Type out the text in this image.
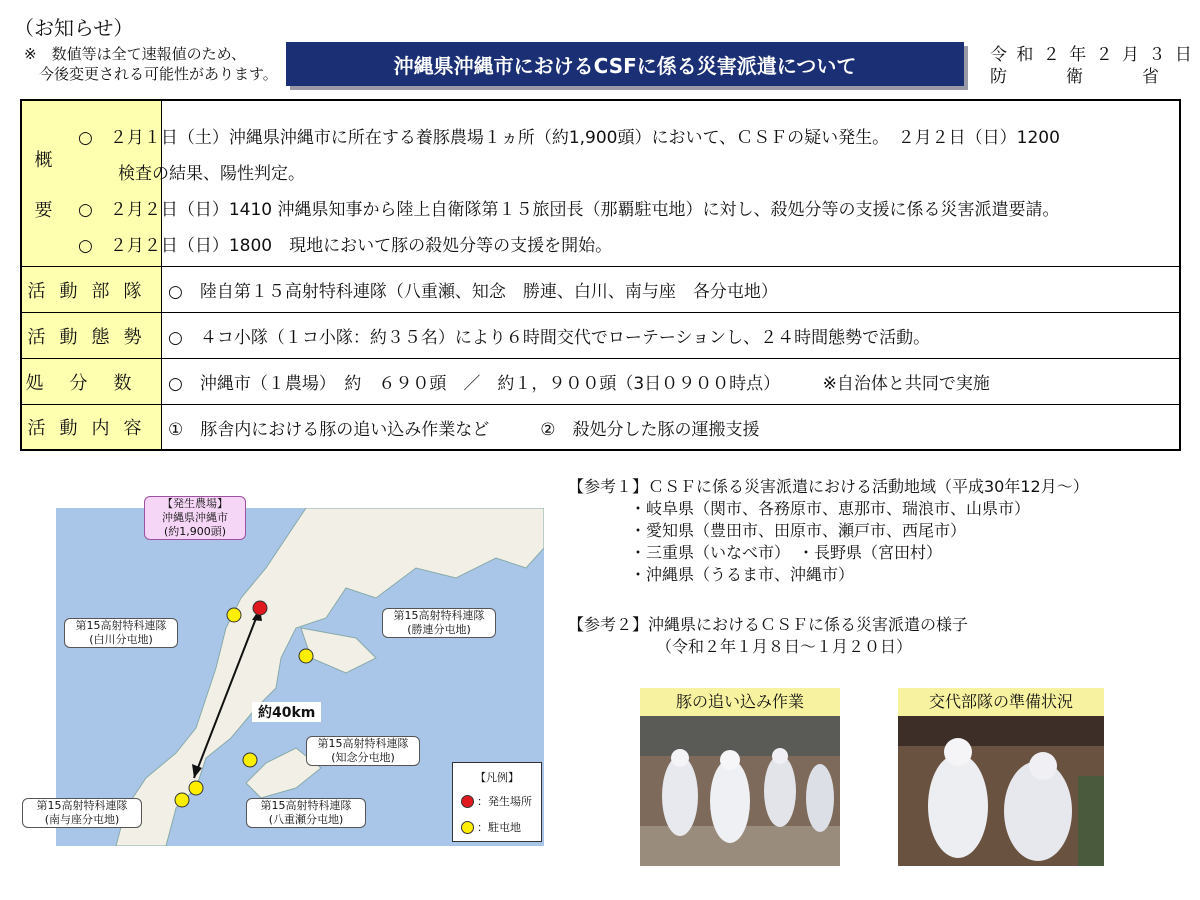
（お知らせ）
※　数値等は全て速報値のため、
　今後変更される可能性があります。	沖縄県沖縄市におけるCSFに係る災害派遣について	令 和 ２ 年 ２ 月 ３ 日
防　　　衛　　　省
概
要
○　２月１日（土）沖縄県沖縄市に所在する養豚農場１ヵ所（約1,900頭）において、ＣＳＦの疑い発生。　２月２日（日）1200
検査の結果、陽性判定。
○　２月２日（日）1410 沖縄県知事から陸上自衛隊第１５旅団長（那覇駐屯地）に対し、殺処分等の支援に係る災害派遣要請。
○　２月２日（日）1800　現地において豚の殺処分等の支援を開始。
活動部隊 ○　陸自第１５高射特科連隊（八重瀬、知念　勝連、白川、南与座　各分屯地）
活動態勢 ○　４コ小隊（１コ小隊：約３５名）により６時間交代でローテーションし、２４時間態勢で活動。
処分数 ○　沖縄市（１農場）　約　６９０頭　／　約１，９００頭（3日０９００時点）　　　※自治体と共同で実施
活動内容 ①　豚舎内における豚の追い込み作業など　　　②　殺処分した豚の運搬支援
【発生農場】
沖縄県沖縄市
(約1,900頭)
約40km
第15高射特科連隊
(白川分屯地)
第15高射特科連隊
(勝連分屯地)
第15高射特科連隊
(知念分屯地)
第15高射特科連隊
(南与座分屯地)
第15高射特科連隊
(八重瀬分屯地)
【凡例】
：発生場所
：駐屯地
【参考１】ＣＳＦに係る災害派遣における活動地域（平成30年12月～）
・岐阜県（関市、各務原市、恵那市、瑞浪市、山県市）
・愛知県（豊田市、田原市、瀬戸市、西尾市）
・三重県（いなべ市）　・長野県（宮田村）
・沖縄県（うるま市、沖縄市）
【参考２】沖縄県におけるＣＳＦに係る災害派遣の様子
（令和２年１月８日～１月２０日）
豚の追い込み作業	交代部隊の準備状況
